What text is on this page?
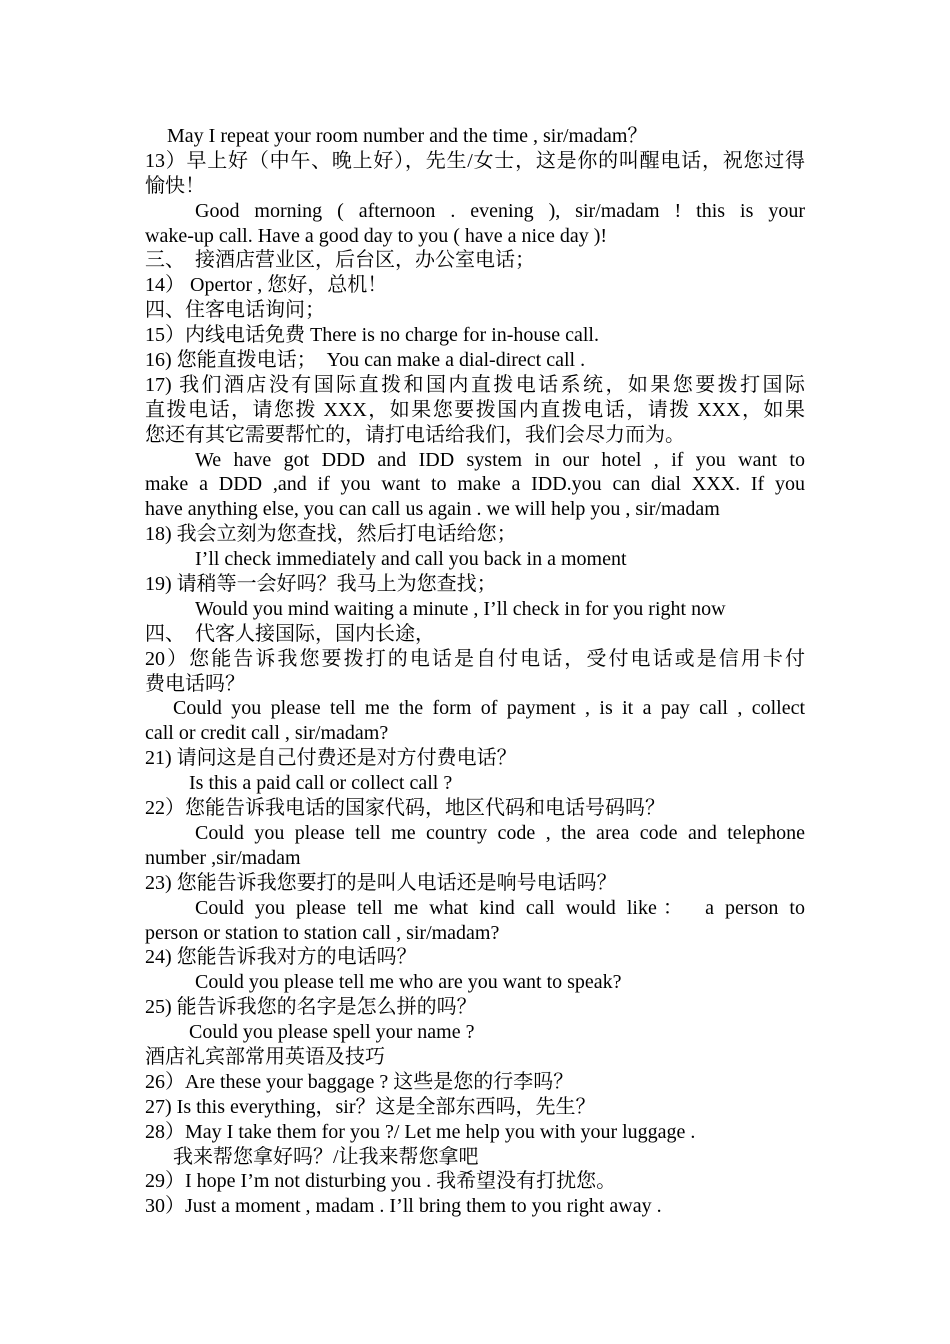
May I repeat your room number and the time , sir/madam？
13）早上好（中午、晚上好），先生/女士，这是你的叫醒电话，祝您过得
愉快！
Good morning ( afternoon . evening ), sir/madam ! this is your
wake-up call. Have a good day to you ( have a nice day )!
三、　接酒店营业区，后台区，办公室电话；
14） Opertor , 您好，总机！
四、住客电话询问；
15）内线电话免费 There is no charge for in-house call.
16) 您能直拨电话；　You can make a dial-direct call .
17) 我们酒店没有国际直拨和国内直拨电话系统，如果您要拨打国际
直拨电话，请您拨 XXX，如果您要拨国内直拨电话，请拨 XXX，如果
您还有其它需要帮忙的，请打电话给我们，我们会尽力而为。
We have got DDD and IDD system in our hotel , if you want to
make a DDD ,and if you want to make a IDD.you can dial XXX. If you
have anything else, you can call us again . we will help you , sir/madam
18) 我会立刻为您查找，然后打电话给您；
I’ll check immediately and call you back in a moment
19) 请稍等一会好吗？我马上为您查找；
Would you mind waiting a minute , I’ll check in for you right now
四、　代客人接国际，国内长途，
20）您能告诉我您要拨打的电话是自付电话，受付电话或是信用卡付
费电话吗？
Could you please tell me the form of payment , is it a pay call , collect
call or credit call , sir/madam?
21) 请问这是自己付费还是对方付费电话？
Is this a paid call or collect call ?
22）您能告诉我电话的国家代码，地区代码和电话号码吗？
Could you please tell me country code , the area code and telephone
number ,sir/madam
23) 您能告诉我您要打的是叫人电话还是响号电话吗？
Could you please tell me what kind call would like：　a person to
person or station to station call , sir/madam?
24) 您能告诉我对方的电话吗？
Could you please tell me who are you want to speak?
25) 能告诉我您的名字是怎么拼的吗？
Could you please spell your name ?
酒店礼宾部常用英语及技巧
26）Are these your baggage ? 这些是您的行李吗？
27) Is this everything，sir？这是全部东西吗，先生？
28）May I take them for you ?/ Let me help you with your luggage .
我来帮您拿好吗？/让我来帮您拿吧
29）I hope I’m not disturbing you . 我希望没有打扰您。
30）Just a moment , madam . I’ll bring them to you right away .
